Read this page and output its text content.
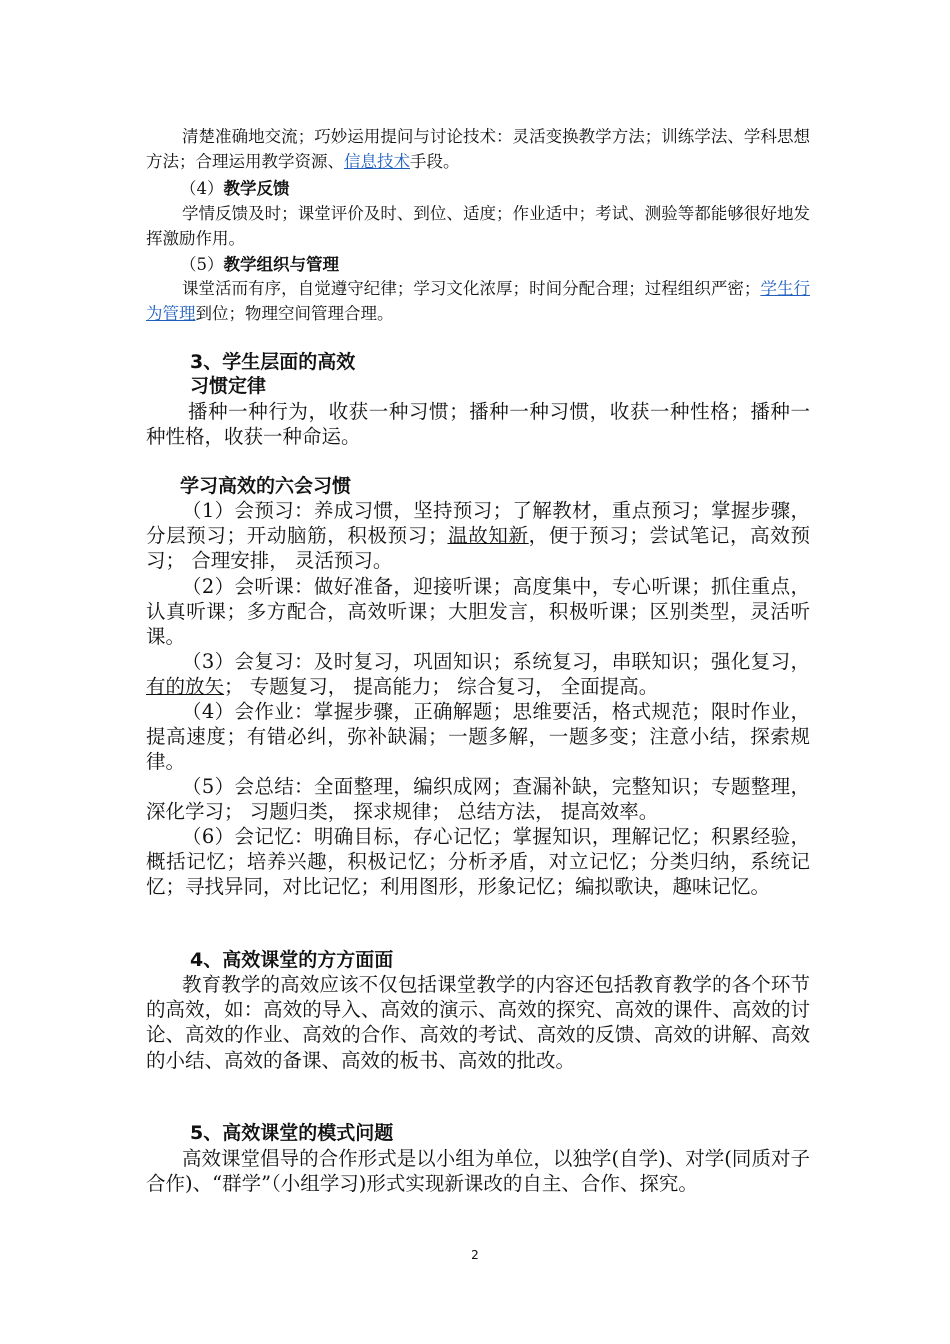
清楚准确地交流；巧妙运用提问与讨论技术：灵活变换教学方法；训练学法、学科思想方法；合理运用教学资源、信息技术手段。

（4）教学反馈

学情反馈及时；课堂评价及时、到位、适度；作业适中；考试、测验等都能够很好地发挥激励作用。

（5）教学组织与管理

课堂活而有序，自觉遵守纪律；学习文化浓厚；时间分配合理；过程组织严密；学生行为管理到位；物理空间管理合理。

3、学生层面的高效
习惯定律

播种一种行为，收获一种习惯；播种一种习惯，收获一种性格；播种一种性格，收获一种命运。

学习高效的六会习惯

（1）会预习：养成习惯，坚持预习；了解教材，重点预习；掌握步骤，分层预习；开动脑筋，积极预习；温故知新，便于预习；尝试笔记，高效预习； 合理安排， 灵活预习。

（2）会听课：做好准备，迎接听课；高度集中，专心听课；抓住重点，认真听课；多方配合，高效听课；大胆发言，积极听课；区别类型，灵活听课。

（3）会复习：及时复习，巩固知识；系统复习，串联知识；强化复习，有的放矢； 专题复习， 提高能力； 综合复习， 全面提高。

（4）会作业：掌握步骤，正确解题；思维要活，格式规范；限时作业，提高速度；有错必纠，弥补缺漏；一题多解，一题多变；注意小结，探索规律。

（5）会总结：全面整理，编织成网；查漏补缺，完整知识；专题整理， 深化学习； 习题归类， 探求规律； 总结方法， 提高效率。

（6）会记忆：明确目标，存心记忆；掌握知识，理解记忆；积累经验，概括记忆；培养兴趣，积极记忆；分析矛盾，对立记忆；分类归纳，系统记忆；寻找异同，对比记忆；利用图形，形象记忆；编拟歌诀，趣味记忆。

4、高效课堂的方方面面

教育教学的高效应该不仅包括课堂教学的内容还包括教育教学的各个环节的高效，如：高效的导入、高效的演示、高效的探究、高效的课件、高效的讨论、高效的作业、高效的合作、高效的考试、高效的反馈、高效的讲解、高效的小结、高效的备课、高效的板书、高效的批改。

5、高效课堂的模式问题

高效课堂倡导的合作形式是以小组为单位，以独学(自学)、对学(同质对子合作)、“群学”（小组学习)形式实现新课改的自主、合作、探究。

2
